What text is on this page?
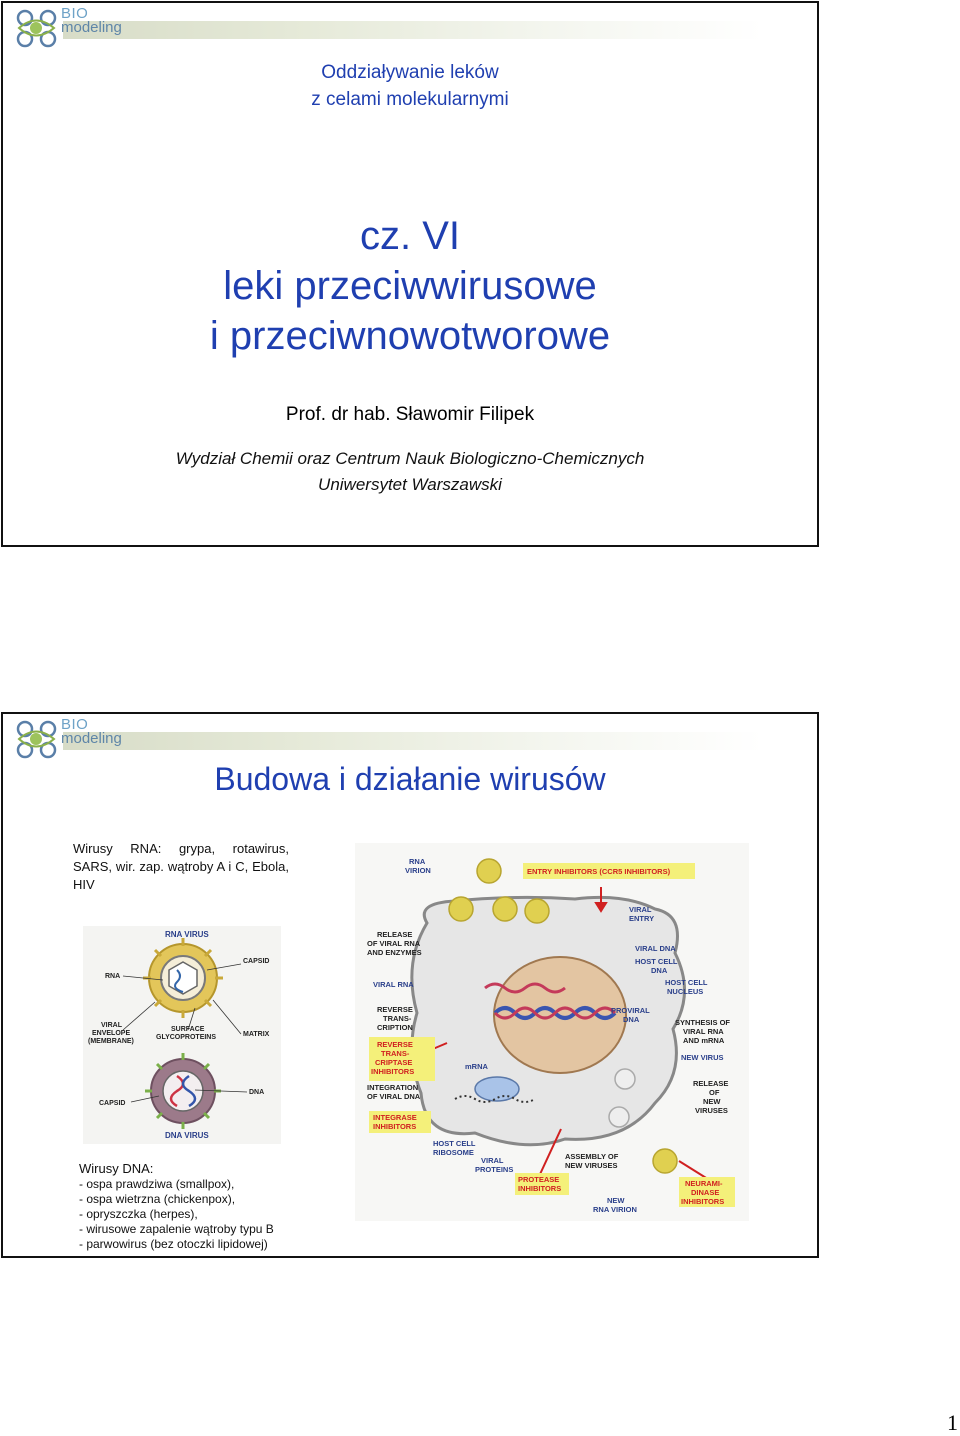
BIO
modeling
Oddziaływanie leków
z celami molekularnymi
cz. VI
leki przeciwwirusowe
i przeciwnowotworowe
Prof. dr hab. Sławomir Filipek
Wydział Chemii oraz Centrum Nauk Biologiczno-Chemicznych
Uniwersytet Warszawski
BIO
modeling
Budowa i działanie wirusów
Wirusy RNA: grypa, rotawirus, SARS, wir. zap. wątroby A i C, Ebola, HIV
RNA VIRUS
CAPSID
RNA
VIRAL
ENVELOPE
(MEMBRANE)
SURFACE
GLYCOPROTEINS	MATRIX
CAPSID
DNA
DNA VIRUS
RNA
VIRION
VIRAL
ENTRY
VIRAL DNA
HOST CELL
DNA
VIRAL RNA	HOST CELL
NUCLEUS
PROVIRAL
DNA
NEW VIRUS
mRNA
HOST CELL
RIBOSOME
VIRAL
PROTEINS
NEW
RNA VIRION
RELEASE
OF VIRAL RNA
AND ENZYMES
REVERSE
TRANS-
CRIPTION
SYNTHESIS OF
VIRAL RNA
AND mRNA
INTEGRATION
OF VIRAL DNA
RELEASE
OF
NEW
VIRUSES
ASSEMBLY OF
NEW VIRUSES
ENTRY INHIBITORS (CCR5 INHIBITORS)
REVERSE
TRANS-
CRIPTASE
INHIBITORS
INTEGRASE
INHIBITORS
PROTEASE
INHIBITORS
NEURAMI-
DINASE
INHIBITORS
Wirusy DNA:
- ospa prawdziwa (smallpox),
- ospa wietrzna (chickenpox),
- opryszczka (herpes),
- wirusowe zapalenie wątroby typu B
- parwowirus (bez otoczki lipidowej)
1
